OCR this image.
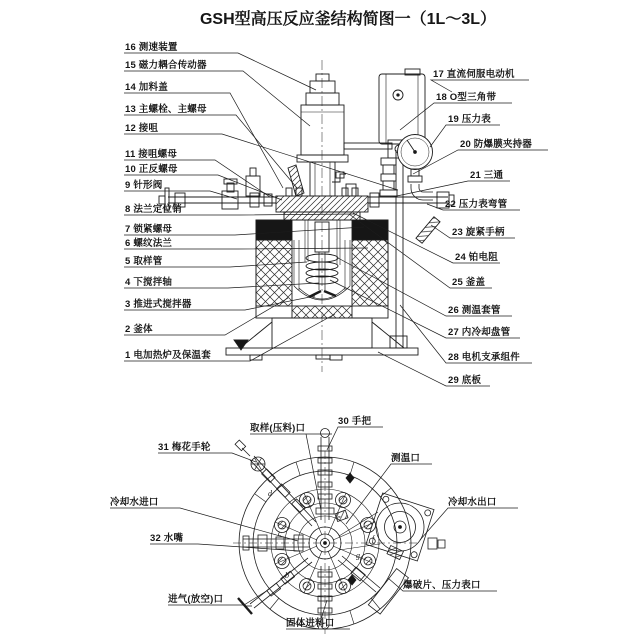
GSH型高压反应釜结构简图一（1L～3L）
16 测速装置
15 磁力耦合传动器
14 加料盖
13 主螺栓、主螺母
12 接咀
11 接咀螺母
10 正反螺母
9 针形阀
8 法兰定位销
7 锁紧螺母
6 螺纹法兰
5 取样管
4 下搅拌轴
3 推进式搅拌器
2 釜体
1 电加热炉及保温套
17 直流伺服电动机
18 O型三角带
19 压力表
20 防爆膜夹持器
21 三通
22 压力表弯管
23 旋紧手柄
24 铂电阻
25 釜盖
26 测温套管
27 内冷却盘管
28 电机支承组件
29 底板
取样(压料)口
30 手把
31 梅花手轮
测温口
冷却水进口
32 水嘴
冷却水出口
进气(放空)口
固体进料口
爆破片、压力表口
d
c
e
f
g
b
